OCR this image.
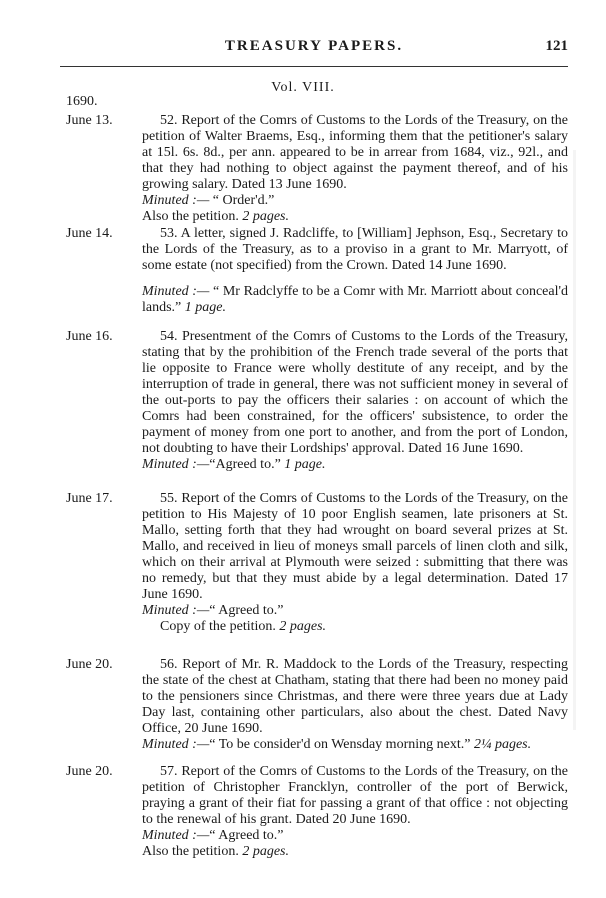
TREASURY PAPERS.	121
Vol. VIII.
1690.
June 13.	52. Report of the Comrs of Customs to the Lords of the Treasury, on the petition of Walter Braems, Esq., informing them that the petitioner's salary at 15l. 6s. 8d., per ann. appeared to be in arrear from 1684, viz., 92l., and that they had nothing to object against the payment thereof, and of his growing salary. Dated 13 June 1690.

Minuted :— “ Order'd.”

Also the petition. 2 pages.

June 14.	53. A letter, signed J. Radcliffe, to [William] Jephson, Esq., Secretary to the Lords of the Treasury, as to a proviso in a grant to Mr. Marryott, of some estate (not specified) from the Crown. Dated 14 June 1690.

Minuted :— “ Mr Radclyffe to be a Comr with Mr. Marriott about conceal'd lands.” 1 page.

June 16.	54. Presentment of the Comrs of Customs to the Lords of the Treasury, stating that by the prohibition of the French trade several of the ports that lie opposite to France were wholly destitute of any receipt, and by the interruption of trade in general, there was not sufficient money in several of the out-ports to pay the officers their salaries : on account of which the Comrs had been constrained, for the officers' subsistence, to order the payment of money from one port to another, and from the port of London, not doubting to have their Lordships' approval. Dated 16 June 1690.

Minuted :—“Agreed to.” 1 page.

June 17.	55. Report of the Comrs of Customs to the Lords of the Treasury, on the petition to His Majesty of 10 poor English seamen, late prisoners at St. Mallo, setting forth that they had wrought on board several prizes at St. Mallo, and received in lieu of moneys small parcels of linen cloth and silk, which on their arrival at Plymouth were seized : submitting that there was no remedy, but that they must abide by a legal determination. Dated 17 June 1690.

Minuted :—“ Agreed to.”

Copy of the petition. 2 pages.

June 20.	56. Report of Mr. R. Maddock to the Lords of the Treasury, respecting the state of the chest at Chatham, stating that there had been no money paid to the pensioners since Christmas, and there were three years due at Lady Day last, containing other particulars, also about the chest. Dated Navy Office, 20 June 1690.

Minuted :—“ To be consider'd on Wensday morning next.” 2¼ pages.

June 20.	57. Report of the Comrs of Customs to the Lords of the Treasury, on the petition of Christopher Francklyn, controller of the port of Berwick, praying a grant of their fiat for passing a grant of that office : not objecting to the renewal of his grant. Dated 20 June 1690.

Minuted :—“ Agreed to.”

Also the petition. 2 pages.
